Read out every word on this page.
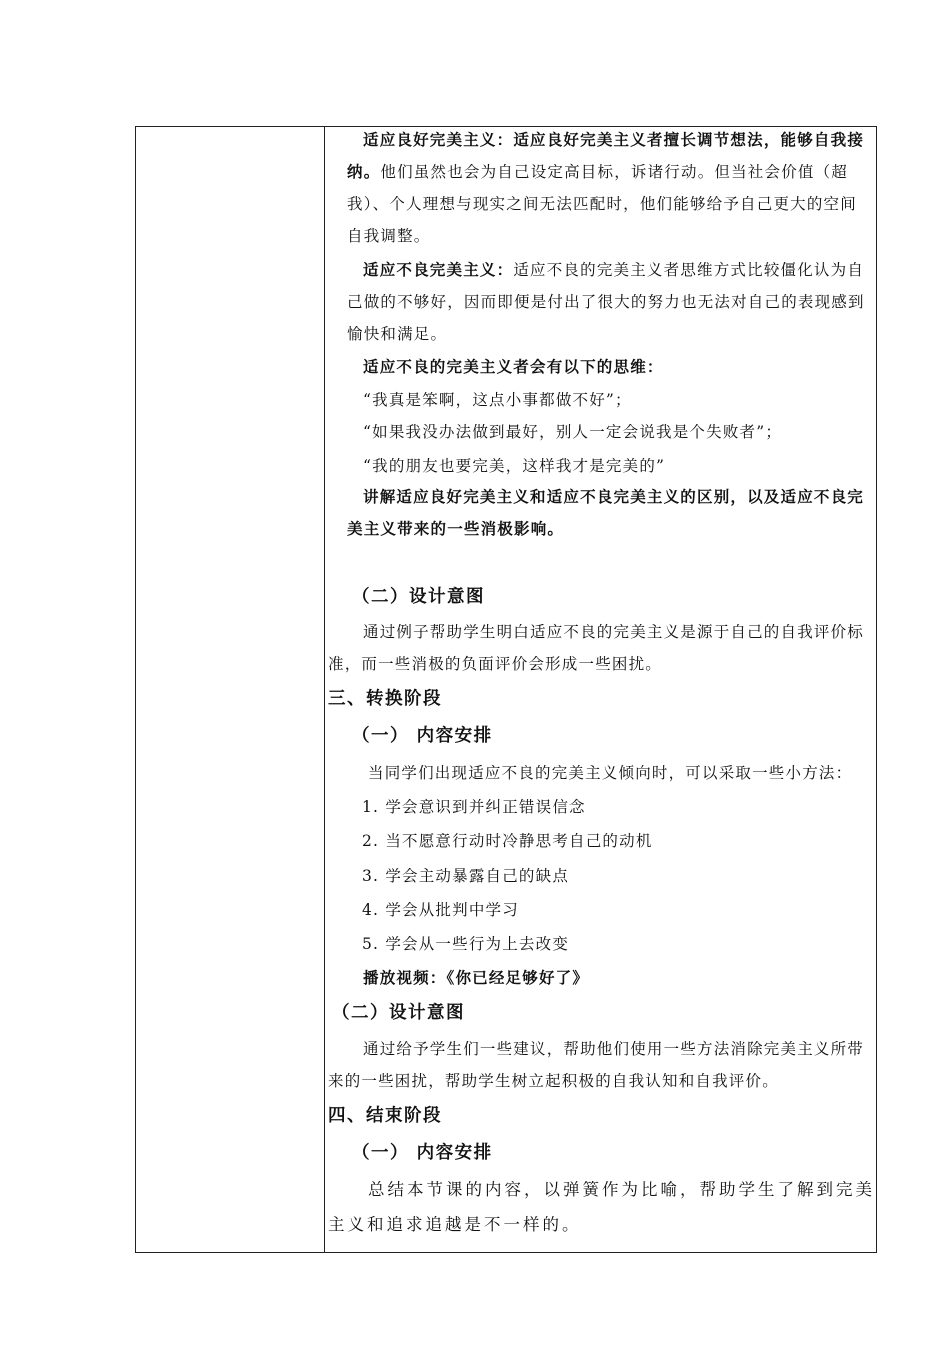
适应良好完美主义：适应良好完美主义者擅长调节想法，能够自我接
纳。他们虽然也会为自己设定高目标，诉诸行动。但当社会价值（超
我）、个人理想与现实之间无法匹配时，他们能够给予自己更大的空间
自我调整。
适应不良完美主义：适应不良的完美主义者思维方式比较僵化认为自
己做的不够好，因而即便是付出了很大的努力也无法对自己的表现感到
愉快和满足。
适应不良的完美主义者会有以下的思维：
“我真是笨啊，这点小事都做不好”；
“如果我没办法做到最好，别人一定会说我是个失败者”；
“我的朋友也要完美，这样我才是完美的”
讲解适应良好完美主义和适应不良完美主义的区别，以及适应不良完
美主义带来的一些消极影响。
（二）设计意图
通过例子帮助学生明白适应不良的完美主义是源于自己的自我评价标
准，而一些消极的负面评价会形成一些困扰。
三、转换阶段
（一） 内容安排
当同学们出现适应不良的完美主义倾向时，可以采取一些小方法：
1. 学会意识到并纠正错误信念
2. 当不愿意行动时冷静思考自己的动机
3. 学会主动暴露自己的缺点
4. 学会从批判中学习
5. 学会从一些行为上去改变
播放视频：《你已经足够好了》
（二）设计意图
通过给予学生们一些建议，帮助他们使用一些方法消除完美主义所带
来的一些困扰，帮助学生树立起积极的自我认知和自我评价。
四、结束阶段
（一） 内容安排
总结本节课的内容，以弹簧作为比喻，帮助学生了解到完美
主义和追求追越是不一样的。
